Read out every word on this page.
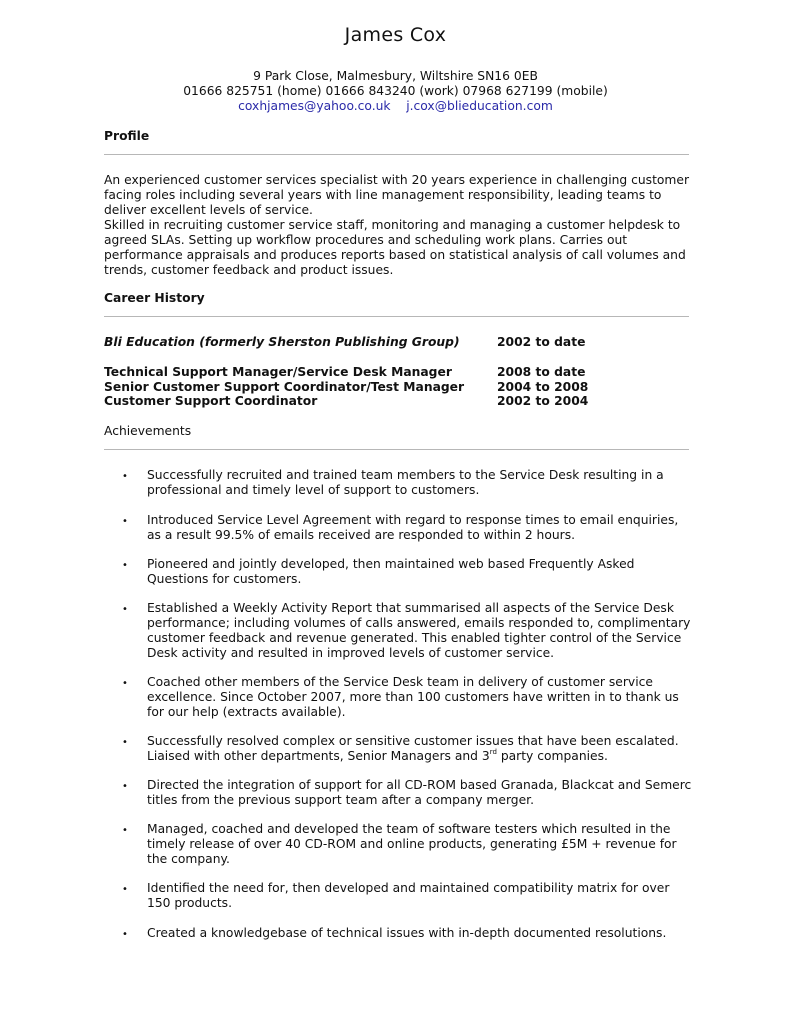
James Cox
9 Park Close, Malmesbury, Wiltshire SN16 0EB
01666 825751 (home) 01666 843240 (work) 07968 627199 (mobile)
coxhjames@yahoo.co.uk j.cox@blieducation.com
Profile
An experienced customer services specialist with 20 years experience in challenging customer
facing roles including several years with line management responsibility, leading teams to
deliver excellent levels of service.
Skilled in recruiting customer service staff, monitoring and managing a customer helpdesk to
agreed SLAs. Setting up workflow procedures and scheduling work plans. Carries out
performance appraisals and produces reports based on statistical analysis of call volumes and
trends, customer feedback and product issues.
Career History
Bli Education (formerly Sherston Publishing Group)	2002 to date
Technical Support Manager/Service Desk Manager	2008 to date
Senior Customer Support Coordinator/Test Manager	2004 to 2008
Customer Support Coordinator	2002 to 2004
Achievements
• Successfully recruited and trained team members to the Service Desk resulting in a
professional and timely level of support to customers.
• Introduced Service Level Agreement with regard to response times to email enquiries,
as a result 99.5% of emails received are responded to within 2 hours.
• Pioneered and jointly developed, then maintained web based Frequently Asked
Questions for customers.
• Established a Weekly Activity Report that summarised all aspects of the Service Desk
performance; including volumes of calls answered, emails responded to, complimentary
customer feedback and revenue generated. This enabled tighter control of the Service
Desk activity and resulted in improved levels of customer service.
• Coached other members of the Service Desk team in delivery of customer service
excellence. Since October 2007, more than 100 customers have written in to thank us
for our help (extracts available).
• Successfully resolved complex or sensitive customer issues that have been escalated.
Liaised with other departments, Senior Managers and 3rd party companies.
• Directed the integration of support for all CD-ROM based Granada, Blackcat and Semerc
titles from the previous support team after a company merger.
• Managed, coached and developed the team of software testers which resulted in the
timely release of over 40 CD-ROM and online products, generating £5M + revenue for
the company.
• Identified the need for, then developed and maintained compatibility matrix for over
150 products.
• Created a knowledgebase of technical issues with in-depth documented resolutions.
